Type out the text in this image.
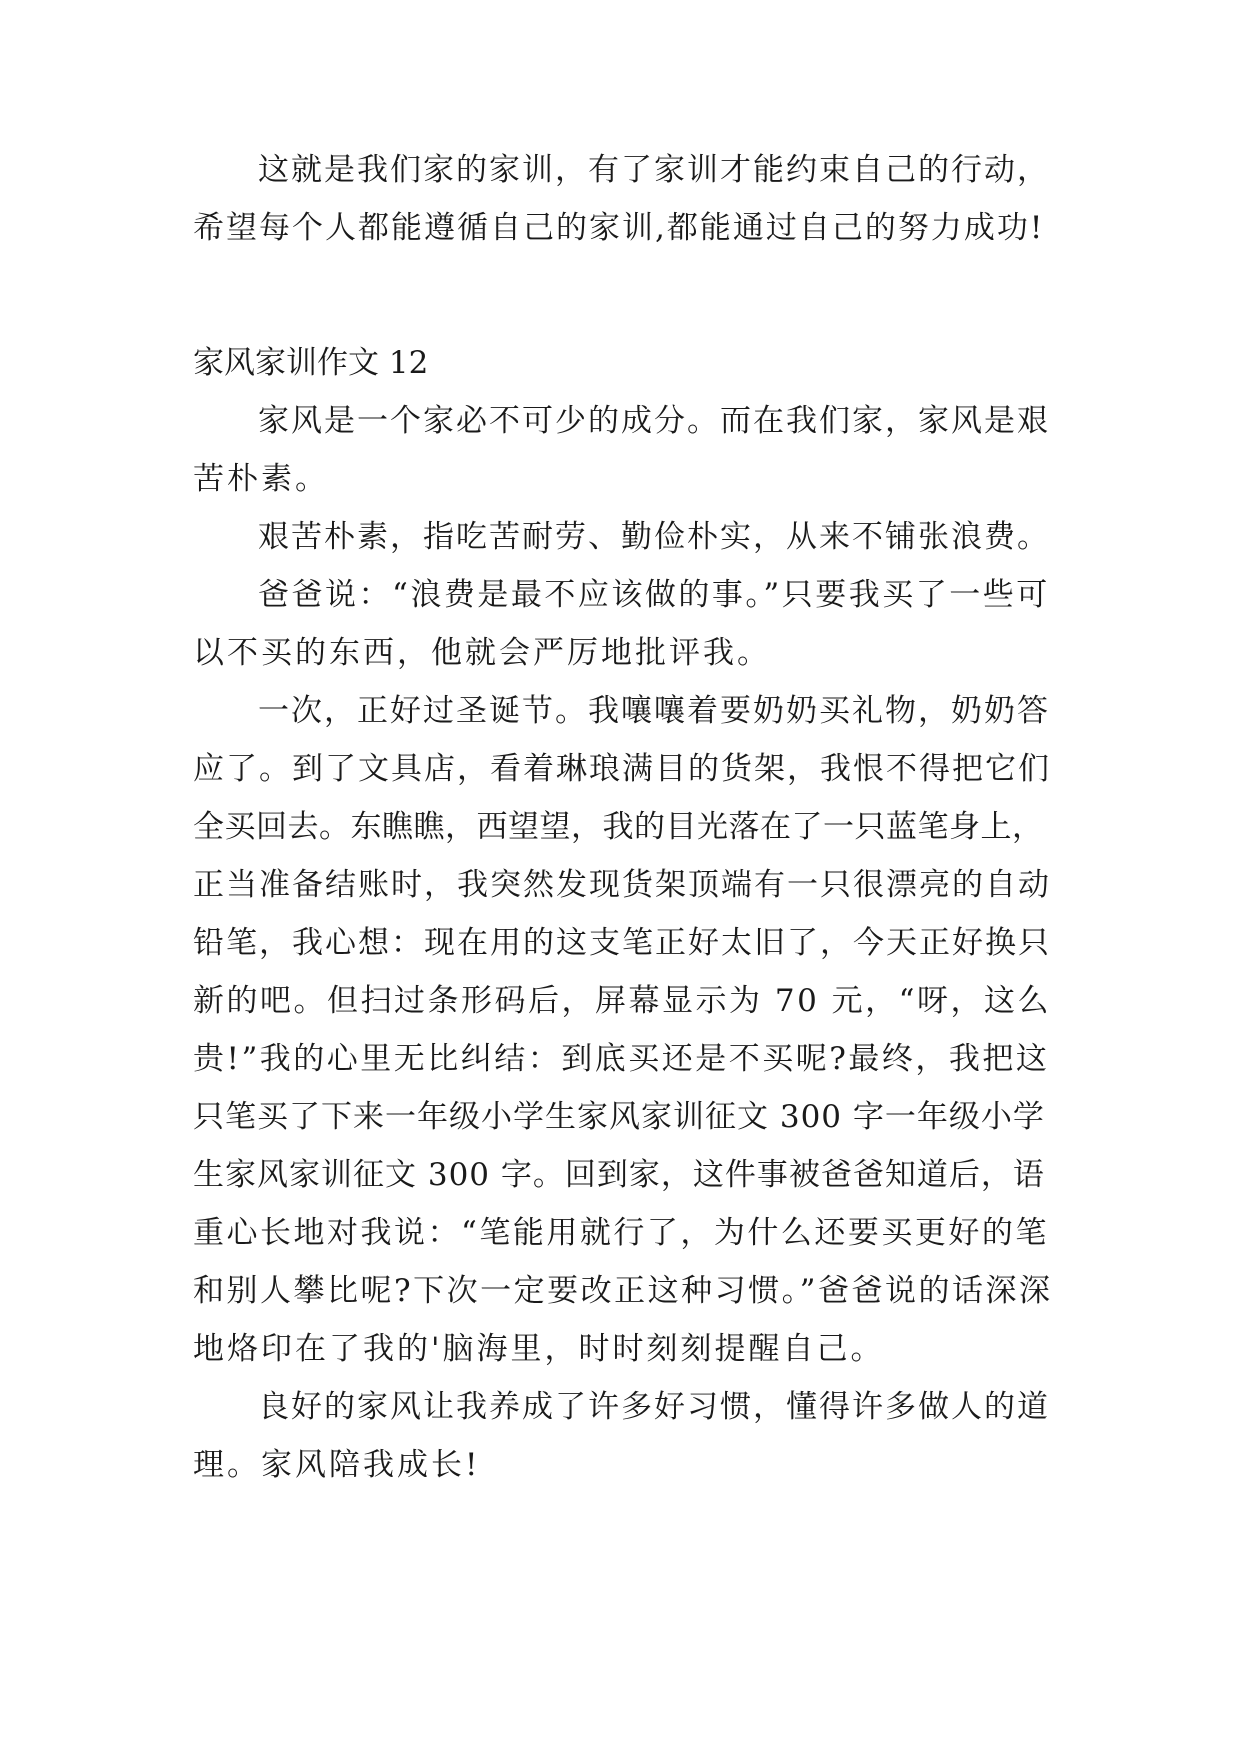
这就是我们家的家训，有了家训才能约束自己的行动，
希望每个人都能遵循自己的家训,都能通过自己的努力成功!
家风家训作文 12
家风是一个家必不可少的成分。而在我们家，家风是艰
苦朴素。
艰苦朴素，指吃苦耐劳、勤俭朴实，从来不铺张浪费。
爸爸说：“浪费是最不应该做的事。”只要我买了一些可
以不买的东西，他就会严厉地批评我。
一次，正好过圣诞节。我嚷嚷着要奶奶买礼物，奶奶答
应了。到了文具店，看着琳琅满目的货架，我恨不得把它们
全买回去。东瞧瞧，西望望，我的目光落在了一只蓝笔身上，
正当准备结账时，我突然发现货架顶端有一只很漂亮的自动
铅笔，我心想：现在用的这支笔正好太旧了，今天正好换只
新的吧。但扫过条形码后，屏幕显示为 70 元，“呀，这么
贵!”我的心里无比纠结：到底买还是不买呢?最终，我把这
只笔买了下来一年级小学生家风家训征文 300 字一年级小学
生家风家训征文 300 字。回到家，这件事被爸爸知道后，语
重心长地对我说：“笔能用就行了，为什么还要买更好的笔
和别人攀比呢?下次一定要改正这种习惯。”爸爸说的话深深
地烙印在了我的'脑海里，时时刻刻提醒自己。
良好的家风让我养成了许多好习惯，懂得许多做人的道
理。家风陪我成长!
